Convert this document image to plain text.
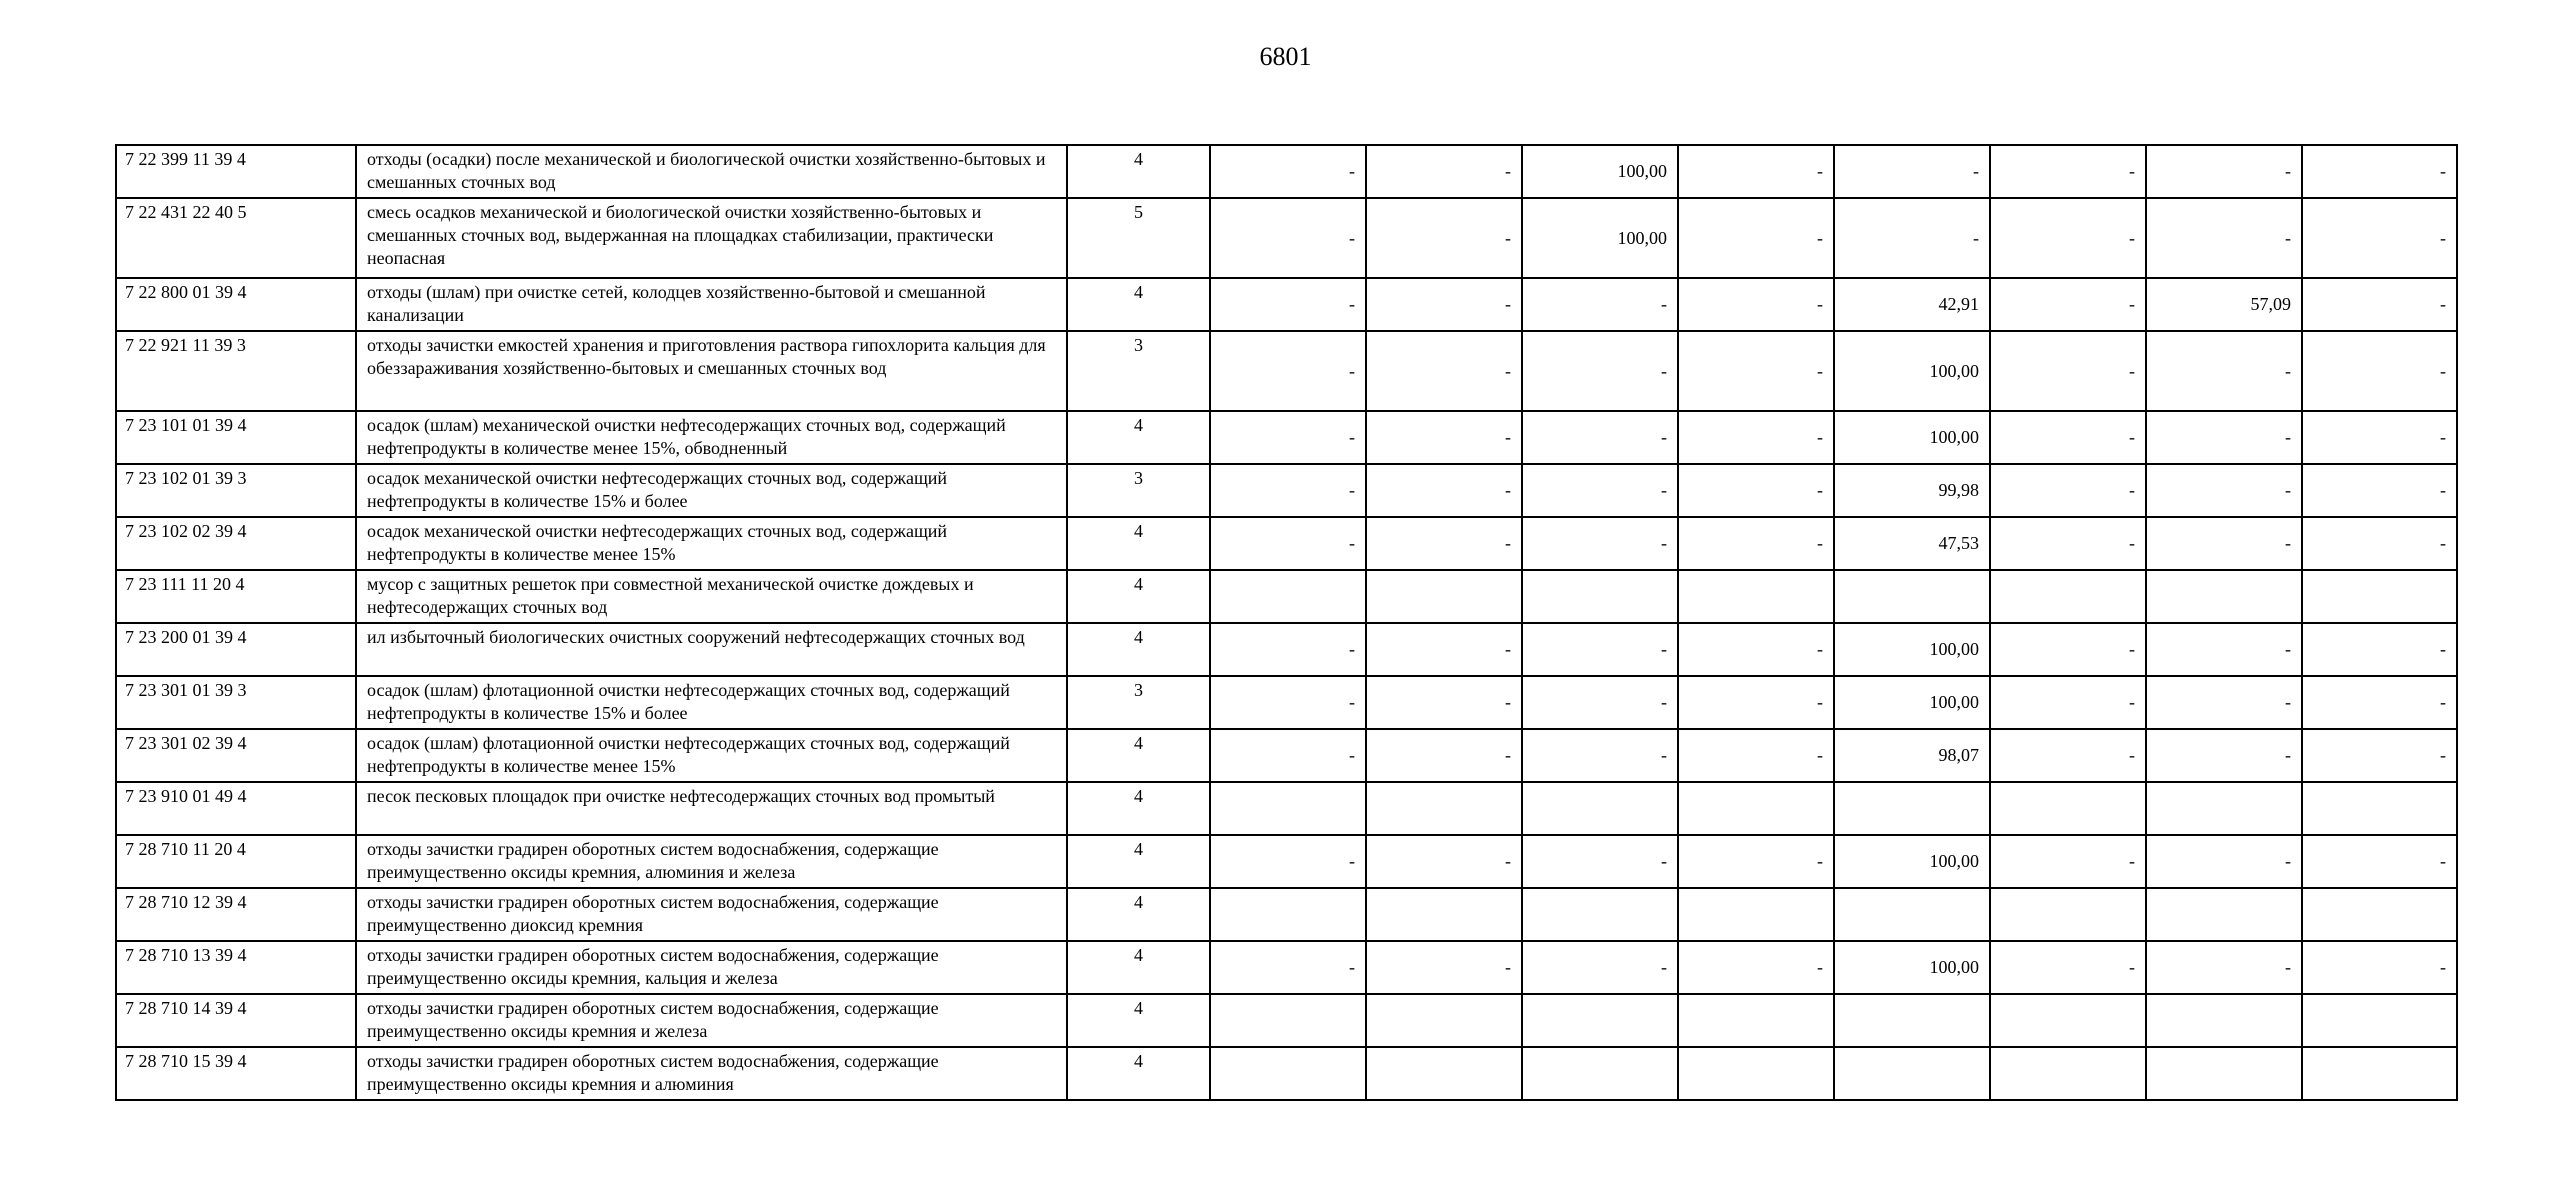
6801
7 22 399 11 39 4	отходы (осадки) после механической и биологической очистки хозяйственно-бытовых и смешанных сточных вод	4	-	-	100,00	-	-	-	-	-
7 22 431 22 40 5	смесь осадков механической и биологической очистки хозяйственно-бытовых и смешанных сточных вод, выдержанная на площадках стабилизации, практически неопасная	5	-	-	100,00	-	-	-	-	-
7 22 800 01 39 4	отходы (шлам) при очистке сетей, колодцев хозяйственно-бытовой и смешанной канализации	4	-	-	-	-	42,91	-	57,09	-
7 22 921 11 39 3	отходы зачистки емкостей хранения и приготовления раствора гипохлорита кальция для обеззараживания хозяйственно-бытовых и смешанных сточных вод	3	-	-	-	-	100,00	-	-	-
7 23 101 01 39 4	осадок (шлам) механической очистки нефтесодержащих сточных вод, содержащий нефтепродукты в количестве менее 15%, обводненный	4	-	-	-	-	100,00	-	-	-
7 23 102 01 39 3	осадок механической очистки нефтесодержащих сточных вод, содержащий нефтепродукты в количестве 15% и более	3	-	-	-	-	99,98	-	-	-
7 23 102 02 39 4	осадок механической очистки нефтесодержащих сточных вод, содержащий нефтепродукты в количестве менее 15%	4	-	-	-	-	47,53	-	-	-
7 23 111 11 20 4	мусор с защитных решеток при совместной механической очистке дождевых и нефтесодержащих сточных вод	4								
7 23 200 01 39 4	ил избыточный биологических очистных сооружений нефтесодержащих сточных вод	4	-	-	-	-	100,00	-	-	-
7 23 301 01 39 3	осадок (шлам) флотационной очистки нефтесодержащих сточных вод, содержащий нефтепродукты в количестве 15% и более	3	-	-	-	-	100,00	-	-	-
7 23 301 02 39 4	осадок (шлам) флотационной очистки нефтесодержащих сточных вод, содержащий нефтепродукты в количестве менее 15%	4	-	-	-	-	98,07	-	-	-
7 23 910 01 49 4	песок песковых площадок при очистке нефтесодержащих сточных вод промытый	4								
7 28 710 11 20 4	отходы зачистки градирен оборотных систем водоснабжения, содержащие преимущественно оксиды кремния, алюминия и железа	4	-	-	-	-	100,00	-	-	-
7 28 710 12 39 4	отходы зачистки градирен оборотных систем водоснабжения, содержащие преимущественно диоксид кремния	4								
7 28 710 13 39 4	отходы зачистки градирен оборотных систем водоснабжения, содержащие преимущественно оксиды кремния, кальция и железа	4	-	-	-	-	100,00	-	-	-
7 28 710 14 39 4	отходы зачистки градирен оборотных систем водоснабжения, содержащие преимущественно оксиды кремния и железа	4								
7 28 710 15 39 4	отходы зачистки градирен оборотных систем водоснабжения, содержащие преимущественно оксиды кремния и алюминия	4								
